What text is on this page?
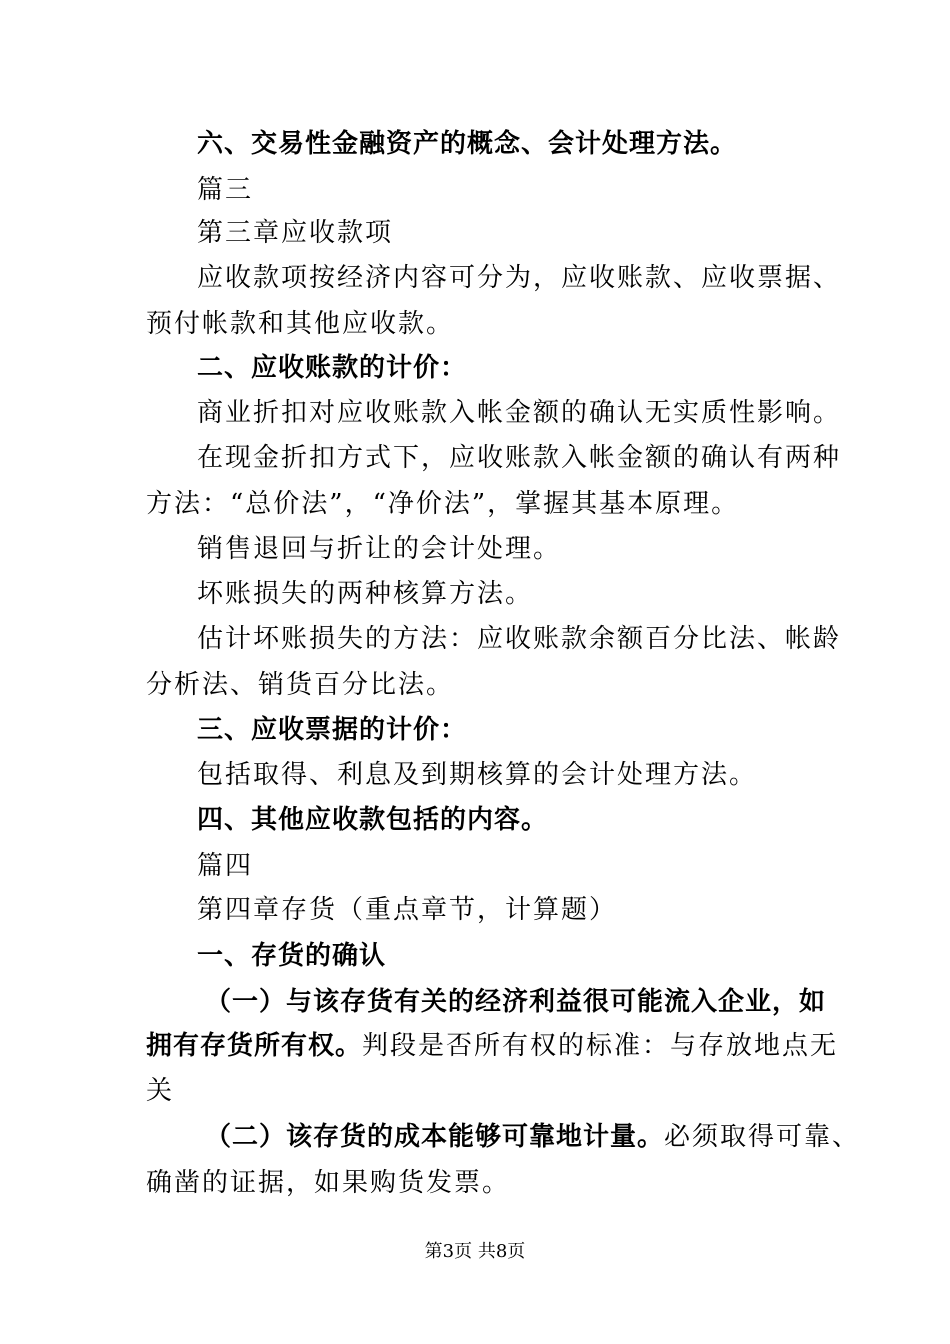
六、交易性金融资产的概念、会计处理方法。
篇三
第三章应收款项
应收款项按经济内容可分为，应收账款、应收票据、
预付帐款和其他应收款。
二、应收账款的计价：
商业折扣对应收账款入帐金额的确认无实质性影响。
在现金折扣方式下，应收账款入帐金额的确认有两种
方法：“总价法”，“净价法”，掌握其基本原理。
销售退回与折让的会计处理。
坏账损失的两种核算方法。
估计坏账损失的方法：应收账款余额百分比法、帐龄
分析法、销货百分比法。
三、应收票据的计价：
包括取得、利息及到期核算的会计处理方法。
四、其他应收款包括的内容。
篇四
第四章存货（重点章节，计算题）
一、存货的确认
（一）与该存货有关的经济利益很可能流入企业，如
拥有存货所有权。判段是否所有权的标准：与存放地点无
关
（二）该存货的成本能够可靠地计量。必须取得可靠、
确凿的证据，如果购货发票。
第3页 共8页
